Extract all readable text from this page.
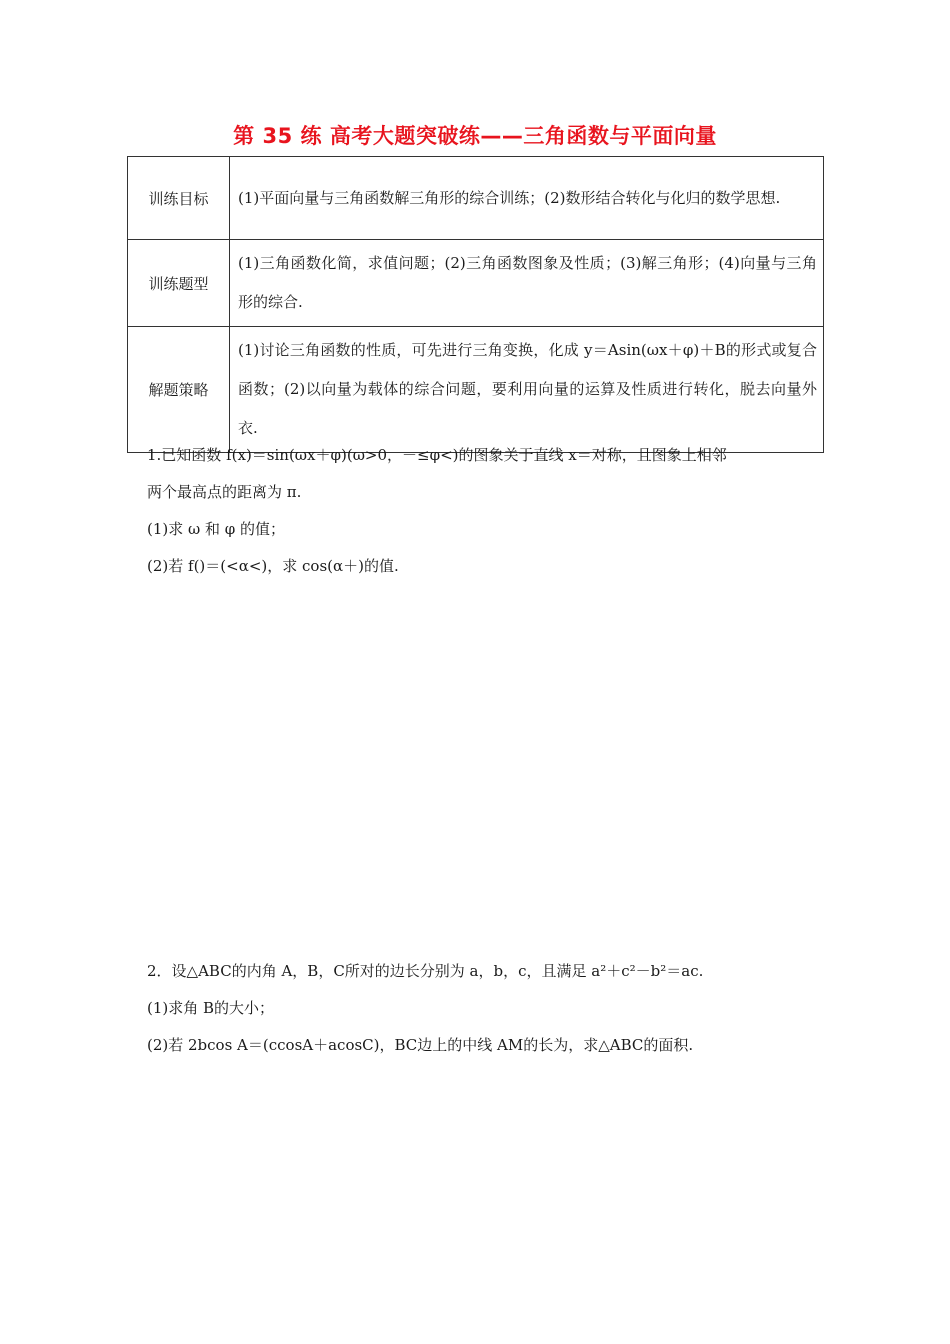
第 35 练 高考大题突破练——三角函数与平面向量
训练目标	(1)平面向量与三角函数解三角形的综合训练；(2)数形结合转化与化归的数学思想.
训练题型	(1)三角函数化简，求值问题；(2)三角函数图象及性质；(3)解三角形；(4)向量与三角形的综合.
解题策略	(1)讨论三角函数的性质，可先进行三角变换，化成 y＝Asin(ωx＋φ)＋B的形式或复合函数；(2)以向量为载体的综合问题，要利用向量的运算及性质进行转化，脱去向量外衣.

1.已知函数 f(x)＝sin(ωx＋φ)(ω>0，－≤φ<)的图象关于直线 x＝对称，且图象上相邻

两个最高点的距离为 π.

(1)求 ω 和 φ 的值；

(2)若 f()＝(<α<)，求 cos(α＋)的值.

2．设△ABC的内角 A，B，C所对的边长分别为 a，b，c，且满足 a²＋c²－b²＝ac.

(1)求角 B的大小；

(2)若 2bcos A＝(ccosA＋acosC)，BC边上的中线 AM的长为，求△ABC的面积.
